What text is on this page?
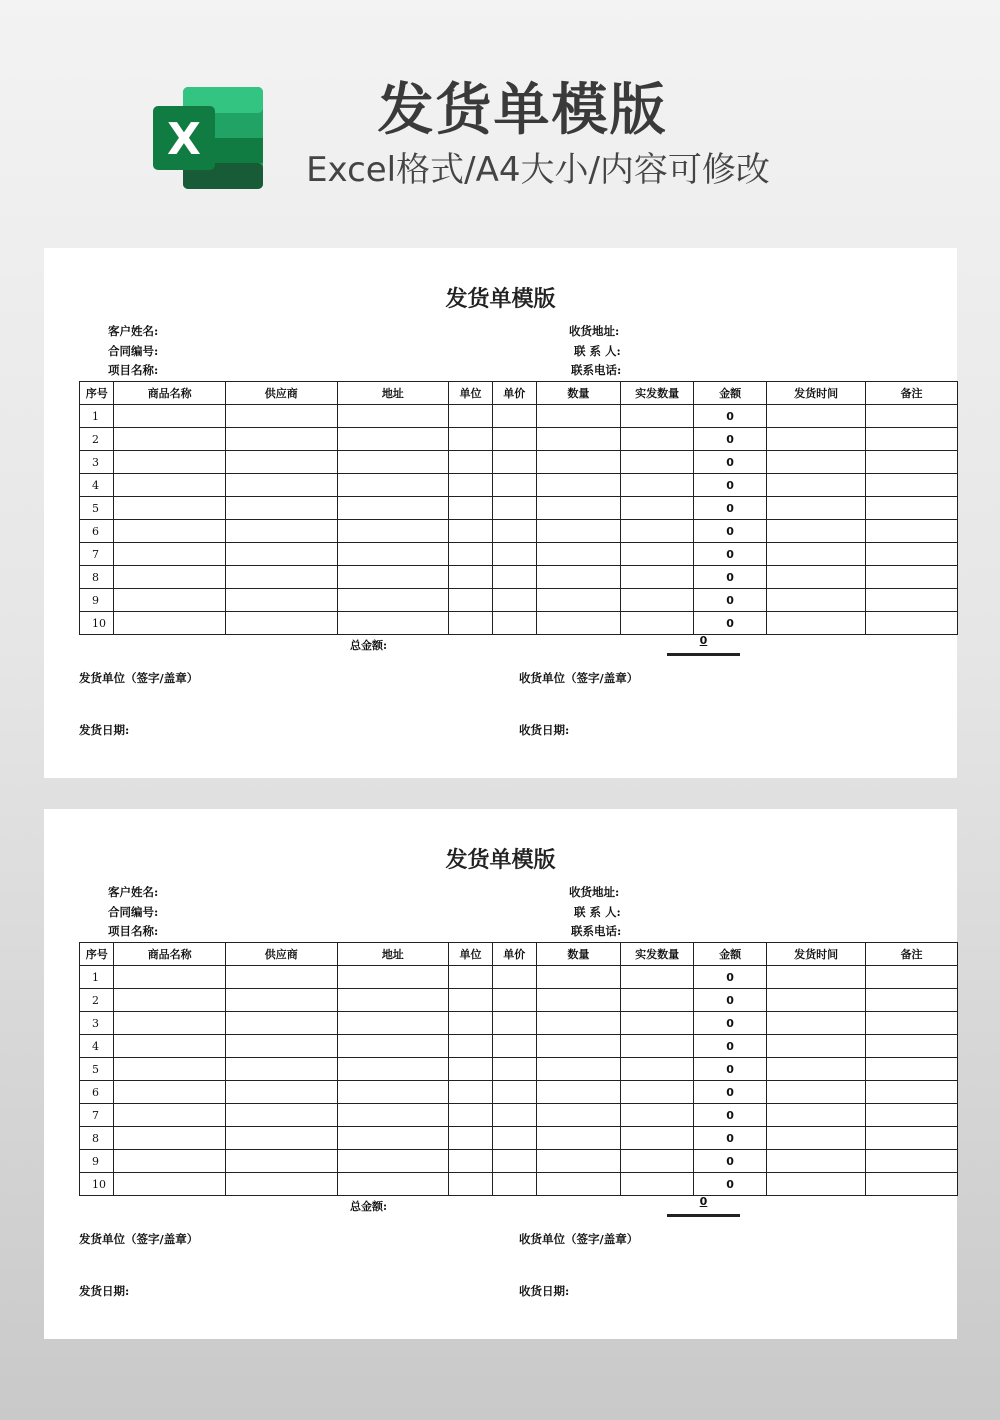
X	发货单模版
Excel格式/A4大小/内容可修改
发货单模版
客户姓名:	收货地址:
合同编号:	联 系 人:
项目名称:	联系电话:
序号	商品名称	供应商	地址	单位	单价	数量	实发数量	金额	发货时间	备注
1								0		
2								0		
3								0		
4								0		
5								0		
6								0		
7								0		
8								0		
9								0		
10								0		
总金额:	0
发货单位（签字/盖章）	收货单位（签字/盖章）
发货日期:	收货日期:
发货单模版
客户姓名:	收货地址:
合同编号:	联 系 人:
项目名称:	联系电话:
序号	商品名称	供应商	地址	单位	单价	数量	实发数量	金额	发货时间	备注
1								0		
2								0		
3								0		
4								0		
5								0		
6								0		
7								0		
8								0		
9								0		
10								0		
总金额:	0
发货单位（签字/盖章）	收货单位（签字/盖章）
发货日期:	收货日期:
